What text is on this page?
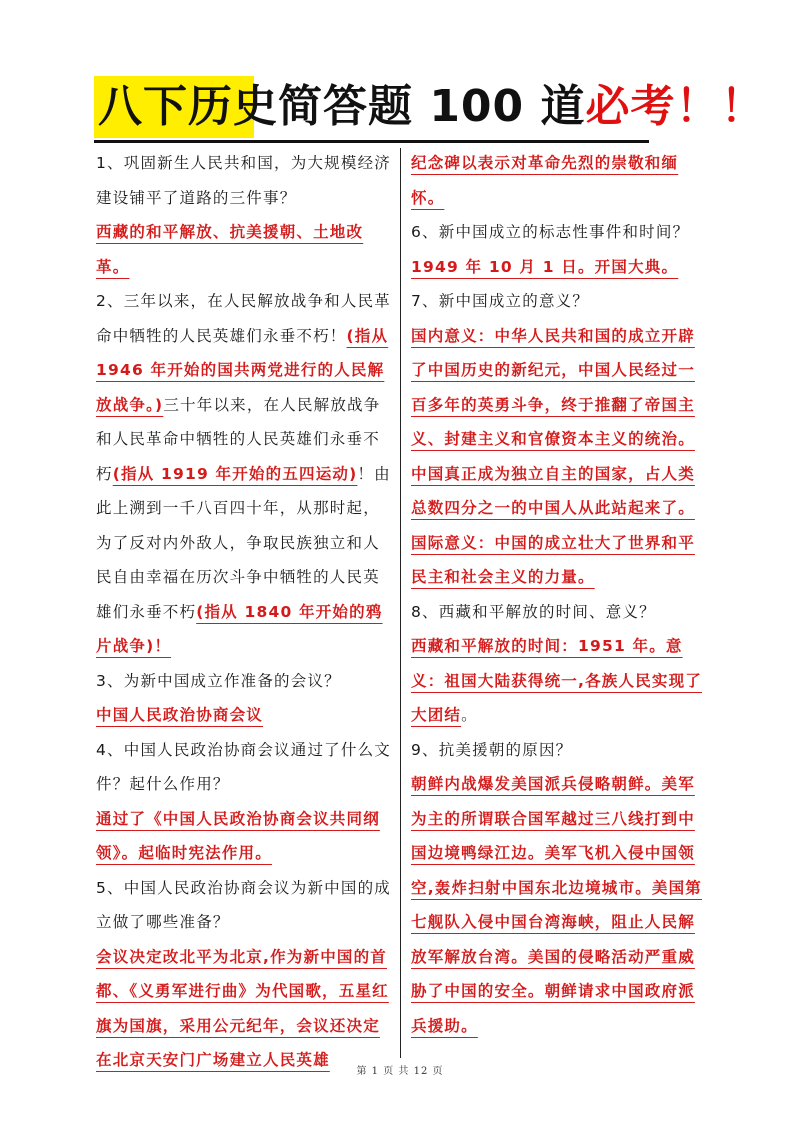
八下历史简答题 100 道必考！！

1、巩固新生人民共和国，为大规模经济建设铺平了道路的三件事？

西藏的和平解放、抗美援朝、土地改革。

2、三年以来，在人民解放战争和人民革命中牺牲的人民英雄们永垂不朽！(指从 1946 年开始的国共两党进行的人民解放战争。)三十年以来，在人民解放战争和人民革命中牺牲的人民英雄们永垂不朽(指从 1919 年开始的五四运动)！由此上溯到一千八百四十年，从那时起，为了反对内外敌人，争取民族独立和人民自由幸福在历次斗争中牺牲的人民英雄们永垂不朽(指从 1840 年开始的鸦片战争)！

3、为新中国成立作准备的会议？

中国人民政治协商会议

4、中国人民政治协商会议通过了什么文件？起什么作用？

通过了《中国人民政治协商会议共同纲领》。起临时宪法作用。

5、中国人民政治协商会议为新中国的成立做了哪些准备？

会议决定改北平为北京,作为新中国的首都、《义勇军进行曲》为代国歌，五星红旗为国旗，采用公元纪年，会议还决定在北京天安门广场建立人民英雄

纪念碑以表示对革命先烈的崇敬和缅怀。

6、新中国成立的标志性事件和时间？

1949 年 10 月 1 日。开国大典。

7、新中国成立的意义？

国内意义：中华人民共和国的成立开辟了中国历史的新纪元，中国人民经过一百多年的英勇斗争，终于推翻了帝国主义、封建主义和官僚资本主义的统治。中国真正成为独立自主的国家，占人类总数四分之一的中国人从此站起来了。

国际意义：中国的成立壮大了世界和平民主和社会主义的力量。

8、西藏和平解放的时间、意义？

西藏和平解放的时间：1951 年。意义：祖国大陆获得统一,各族人民实现了大团结。

9、抗美援朝的原因？

朝鲜内战爆发美国派兵侵略朝鲜。美军为主的所谓联合国军越过三八线打到中国边境鸭绿江边。美军飞机入侵中国领空,轰炸扫射中国东北边境城市。美国第七舰队入侵中国台湾海峡，阻止人民解放军解放台湾。美国的侵略活动严重威胁了中国的安全。朝鲜请求中国政府派兵援助。

第 1 页 共 12 页
